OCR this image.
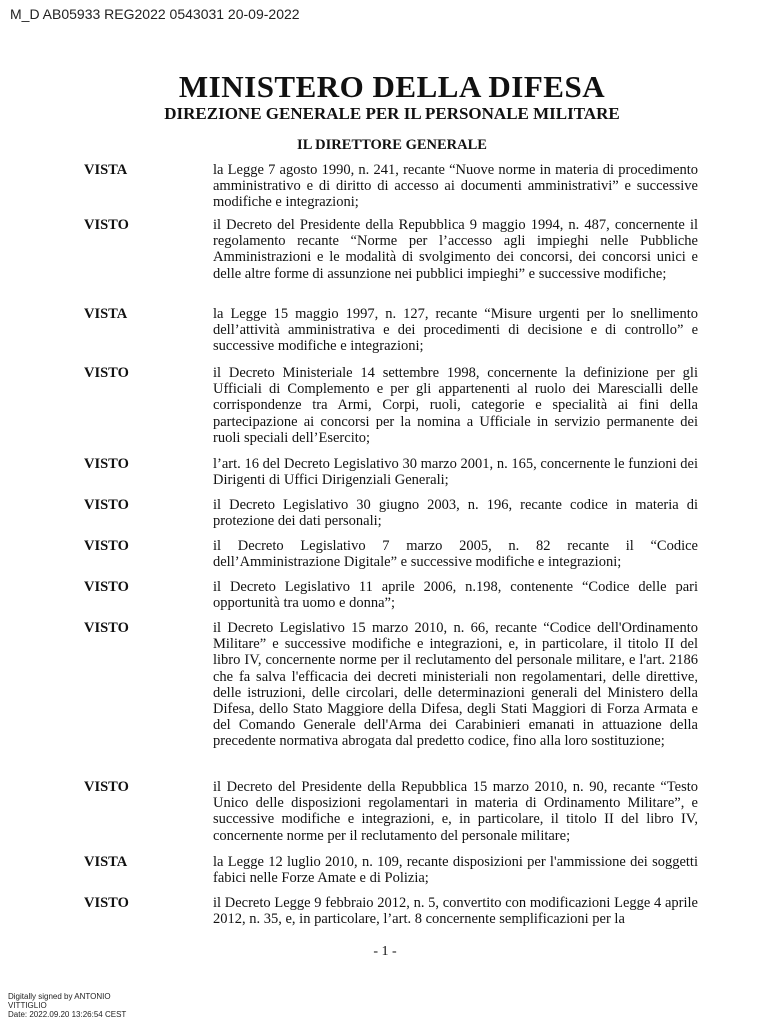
M_D AB05933 REG2022 0543031 20-09-2022
MINISTERO DELLA DIFESA
DIREZIONE GENERALE PER IL PERSONALE MILITARE
IL DIRETTORE GENERALE
VISTA	la Legge 7 agosto 1990, n. 241, recante “Nuove norme in materia di procedimento amministrativo e di diritto di accesso ai documenti amministrativi” e successive modifiche e integrazioni;
VISTO	il Decreto del Presidente della Repubblica 9 maggio 1994, n. 487, concernente il regolamento recante “Norme per l’accesso agli impieghi nelle Pubbliche Amministrazioni e le modalità di svolgimento dei concorsi, dei concorsi unici e delle altre forme di assunzione nei pubblici impieghi” e successive modifiche;
VISTA	la Legge 15 maggio 1997, n. 127, recante “Misure urgenti per lo snellimento dell’attività amministrativa e dei procedimenti di decisione e di controllo” e successive modifiche e integrazioni;
VISTO	il Decreto Ministeriale 14 settembre 1998, concernente la definizione per gli Ufficiali di Complemento e per gli appartenenti al ruolo dei Marescialli delle corrispondenze tra Armi, Corpi, ruoli, categorie e specialità ai fini della partecipazione ai concorsi per la nomina a Ufficiale in servizio permanente dei ruoli speciali dell’Esercito;
VISTO	l’art. 16 del Decreto Legislativo 30 marzo 2001, n. 165, concernente le funzioni dei Dirigenti di Uffici Dirigenziali Generali;
VISTO	il Decreto Legislativo 30 giugno 2003, n. 196, recante codice in materia di protezione dei dati personali;
VISTO	il Decreto Legislativo 7 marzo 2005, n. 82 recante il “Codice dell’Amministrazione Digitale” e successive modifiche e integrazioni;
VISTO	il Decreto Legislativo 11 aprile 2006, n.198, contenente “Codice delle pari opportunità tra uomo e donna”;
VISTO	il Decreto Legislativo 15 marzo 2010, n. 66, recante “Codice dell'Ordinamento Militare” e successive modifiche e integrazioni, e, in particolare, il titolo II del libro IV, concernente norme per il reclutamento del personale militare, e l'art. 2186 che fa salva l'efficacia dei decreti ministeriali non regolamentari, delle direttive, delle istruzioni, delle circolari, delle determinazioni generali del Ministero della Difesa, dello Stato Maggiore della Difesa, degli Stati Maggiori di Forza Armata e del Comando Generale dell'Arma dei Carabinieri emanati in attuazione della precedente normativa abrogata dal predetto codice, fino alla loro sostituzione;
VISTO	il Decreto del Presidente della Repubblica 15 marzo 2010, n. 90, recante “Testo Unico delle disposizioni regolamentari in materia di Ordinamento Militare”, e successive modifiche e integrazioni, e, in particolare, il titolo II del libro IV, concernente norme per il reclutamento del personale militare;
VISTA	la Legge 12 luglio 2010, n. 109, recante disposizioni per l'ammissione dei soggetti fabici nelle Forze Amate e di Polizia;
VISTO	il Decreto Legge 9 febbraio 2012, n. 5, convertito con modificazioni Legge 4 aprile 2012, n. 35, e, in particolare, l’art. 8 concernente semplificazioni per la
- 1 -
Digitally signed by ANTONIO
VITTIGLIO
Date: 2022.09.20 13:26:54 CEST
